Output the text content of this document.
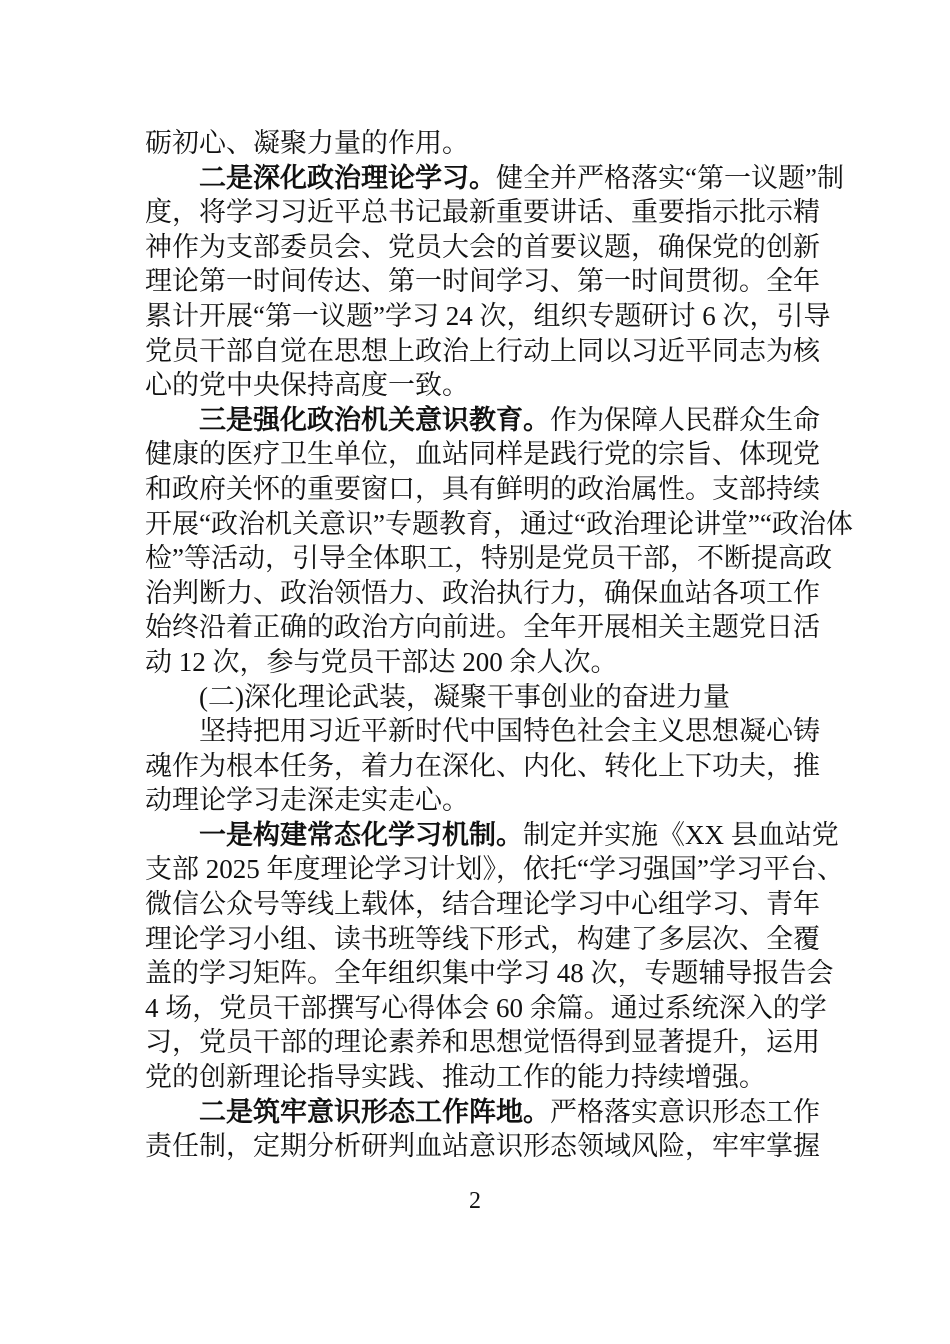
砺初心、凝聚力量的作用。
二是深化政治理论学习。健全并严格落实“第一议题”制
度，将学习习近平总书记最新重要讲话、重要指示批示精
神作为支部委员会、党员大会的首要议题，确保党的创新
理论第一时间传达、第一时间学习、第一时间贯彻。全年
累计开展“第一议题”学习 24 次，组织专题研讨 6 次，引导
党员干部自觉在思想上政治上行动上同以习近平同志为核
心的党中央保持高度一致。
三是强化政治机关意识教育。作为保障人民群众生命
健康的医疗卫生单位，血站同样是践行党的宗旨、体现党
和政府关怀的重要窗口，具有鲜明的政治属性。支部持续
开展“政治机关意识”专题教育，通过“政治理论讲堂”“政治体
检”等活动，引导全体职工，特别是党员干部，不断提高政
治判断力、政治领悟力、政治执行力，确保血站各项工作
始终沿着正确的政治方向前进。全年开展相关主题党日活
动 12 次，参与党员干部达 200 余人次。
(二)深化理论武装，凝聚干事创业的奋进力量
坚持把用习近平新时代中国特色社会主义思想凝心铸
魂作为根本任务，着力在深化、内化、转化上下功夫，推
动理论学习走深走实走心。
一是构建常态化学习机制。制定并实施《XX 县血站党
支部 2025 年度理论学习计划》，依托“学习强国”学习平台、
微信公众号等线上载体，结合理论学习中心组学习、青年
理论学习小组、读书班等线下形式，构建了多层次、全覆
盖的学习矩阵。全年组织集中学习 48 次，专题辅导报告会
4 场，党员干部撰写心得体会 60 余篇。通过系统深入的学
习，党员干部的理论素养和思想觉悟得到显著提升，运用
党的创新理论指导实践、推动工作的能力持续增强。
二是筑牢意识形态工作阵地。严格落实意识形态工作
责任制，定期分析研判血站意识形态领域风险，牢牢掌握
2
